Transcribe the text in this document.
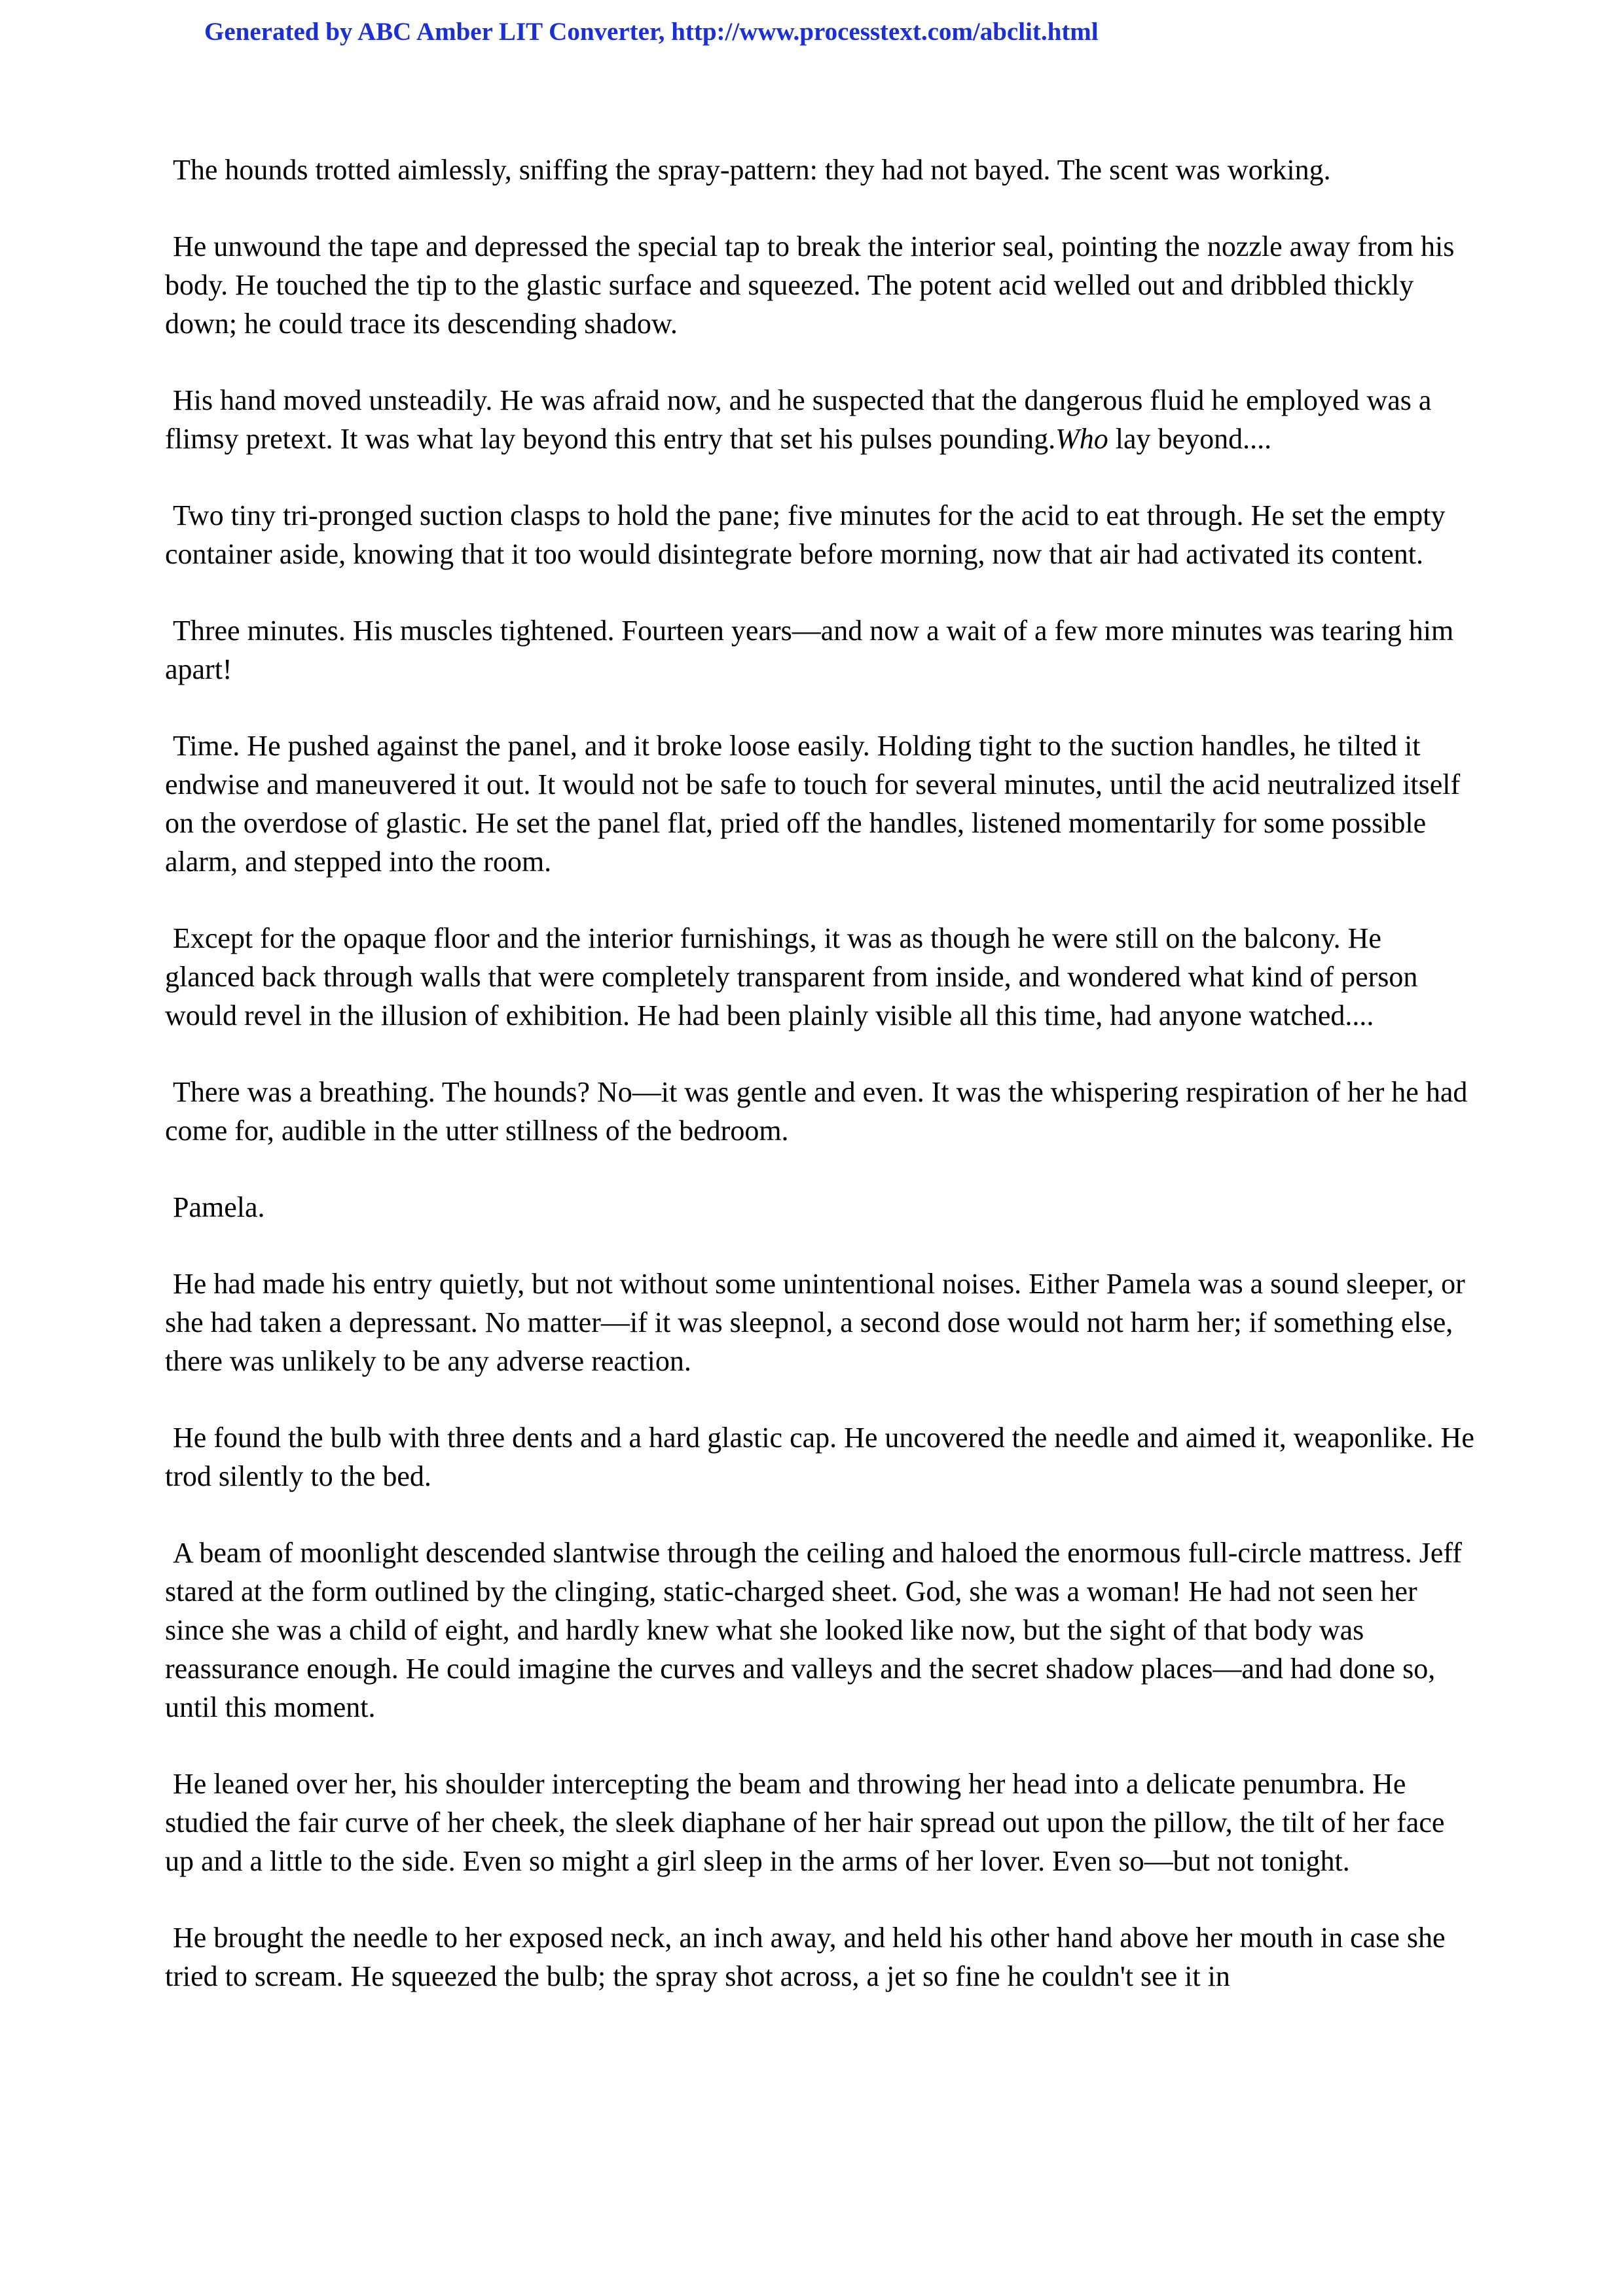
Generated by ABC Amber LIT Converter, http://www.processtext.com/abclit.html

The hounds trotted aimlessly, sniffing the spray-pattern: they had not bayed. The scent was working.

He unwound the tape and depressed the special tap to break the interior seal, pointing the nozzle away from his body. He touched the tip to the glastic surface and squeezed. The potent acid welled out and dribbled thickly down; he could trace its descending shadow.

His hand moved unsteadily. He was afraid now, and he suspected that the dangerous fluid he employed was a flimsy pretext. It was what lay beyond this entry that set his pulses pounding.Who lay beyond....

Two tiny tri-pronged suction clasps to hold the pane; five minutes for the acid to eat through. He set the empty container aside, knowing that it too would disintegrate before morning, now that air had activated its content.

Three minutes. His muscles tightened. Fourteen years—and now a wait of a few more minutes was tearing him apart!

Time. He pushed against the panel, and it broke loose easily. Holding tight to the suction handles, he tilted it endwise and maneuvered it out. It would not be safe to touch for several minutes, until the acid neutralized itself on the overdose of glastic. He set the panel flat, pried off the handles, listened momentarily for some possible alarm, and stepped into the room.

Except for the opaque floor and the interior furnishings, it was as though he were still on the balcony. He glanced back through walls that were completely transparent from inside, and wondered what kind of person would revel in the illusion of exhibition. He had been plainly visible all this time, had anyone watched....

There was a breathing. The hounds? No—it was gentle and even. It was the whispering respiration of her he had come for, audible in the utter stillness of the bedroom.

Pamela.

He had made his entry quietly, but not without some unintentional noises. Either Pamela was a sound sleeper, or she had taken a depressant. No matter—if it was sleepnol, a second dose would not harm her; if something else, there was unlikely to be any adverse reaction.

He found the bulb with three dents and a hard glastic cap. He uncovered the needle and aimed it, weaponlike. He trod silently to the bed.

A beam of moonlight descended slantwise through the ceiling and haloed the enormous full-circle mattress. Jeff stared at the form outlined by the clinging, static-charged sheet. God, she was a woman! He had not seen her since she was a child of eight, and hardly knew what she looked like now, but the sight of that body was reassurance enough. He could imagine the curves and valleys and the secret shadow places—and had done so, until this moment.

He leaned over her, his shoulder intercepting the beam and throwing her head into a delicate penumbra. He studied the fair curve of her cheek, the sleek diaphane of her hair spread out upon the pillow, the tilt of her face up and a little to the side. Even so might a girl sleep in the arms of her lover. Even so—but not tonight.

He brought the needle to her exposed neck, an inch away, and held his other hand above her mouth in case she tried to scream. He squeezed the bulb; the spray shot across, a jet so fine he couldn't see it in
